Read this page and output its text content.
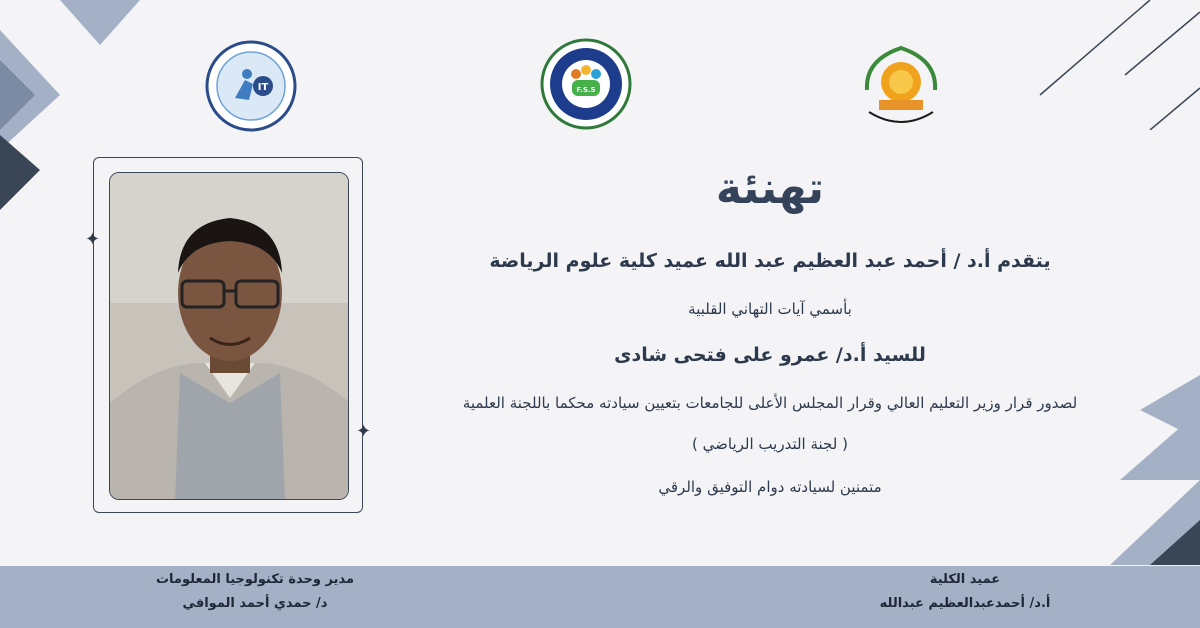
IT	F.S.S
✦
✦
تهنئة
يتقدم أ.د / أحمد عبد العظيم عبد الله عميد كلية علوم الرياضة
بأسمي آيات التهاني القلبية
للسيد أ.د/ عمرو على فتحى شادى
لصدور قرار وزير التعليم العالي وقرار المجلس الأعلى للجامعات بتعيين سيادته محكما باللجنة العلمية
( لجنة التدريب الرياضي )
متمنين لسيادته دوام التوفيق والرقي
مدير وحدة تكنولوجيا المعلومات
د/ حمدي أحمد الموافي
عميد الكلية
أ.د/ أحمدعبدالعظيم عبدالله
